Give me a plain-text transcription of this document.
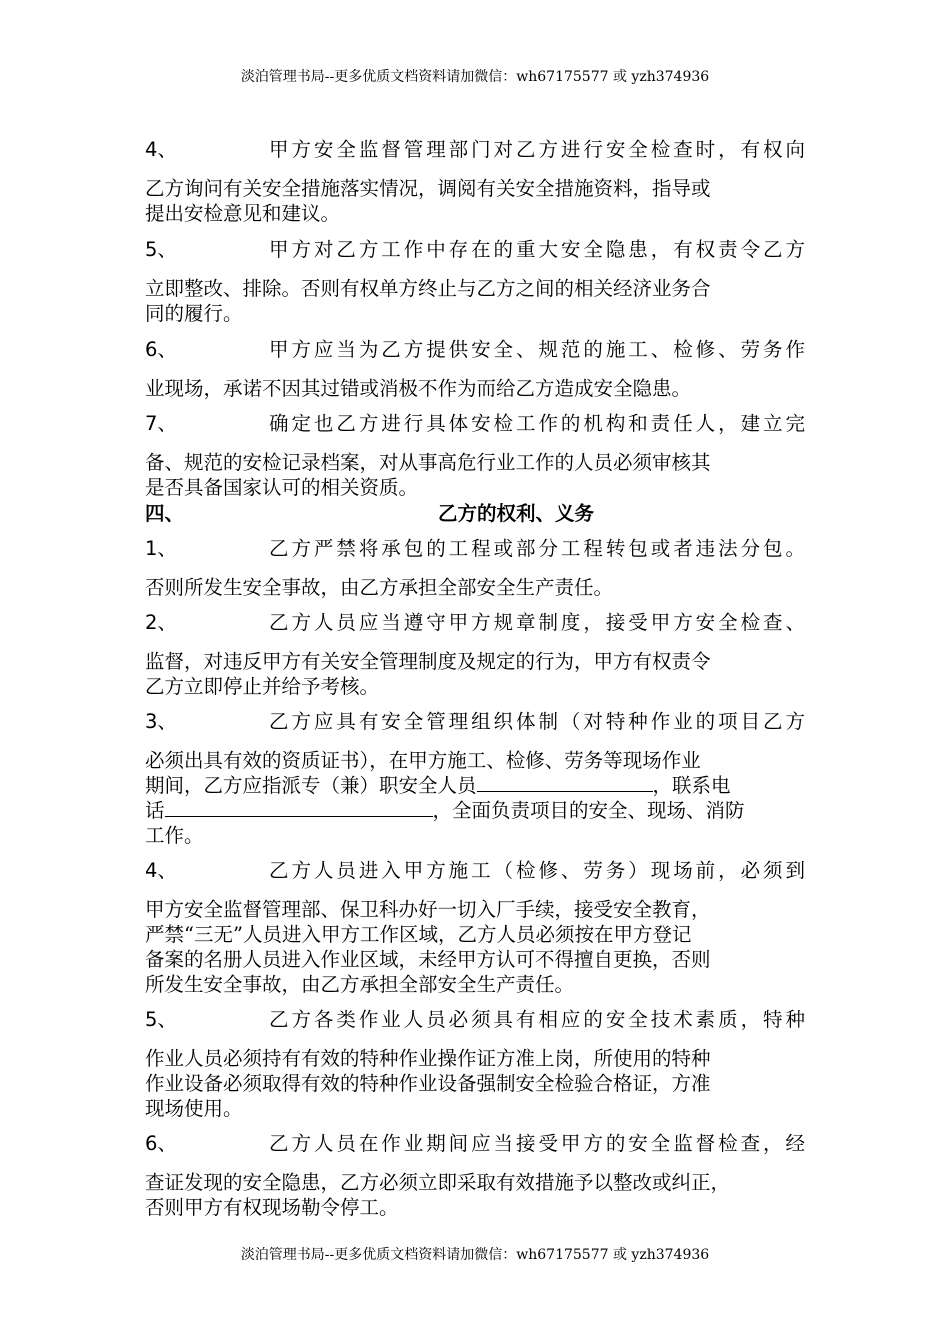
淡泊管理书局--更多优质文档资料请加微信：wh67175577 或 yzh374936
4、	甲方安全监督管理部门对乙方进行安全检查时，有权向
乙方询问有关安全措施落实情况，调阅有关安全措施资料，指导或
提出安检意见和建议。
5、	甲方对乙方工作中存在的重大安全隐患，有权责令乙方
立即整改、排除。否则有权单方终止与乙方之间的相关经济业务合
同的履行。
6、	甲方应当为乙方提供安全、规范的施工、检修、劳务作
业现场，承诺不因其过错或消极不作为而给乙方造成安全隐患。
7、	确定也乙方进行具体安检工作的机构和责任人，建立完
备、规范的安检记录档案，对从事高危行业工作的人员必须审核其
是否具备国家认可的相关资质。
四、	乙方的权利、义务
1、	乙方严禁将承包的工程或部分工程转包或者违法分包。
否则所发生安全事故，由乙方承担全部安全生产责任。
2、	乙方人员应当遵守甲方规章制度，接受甲方安全检查、
监督，对违反甲方有关安全管理制度及规定的行为，甲方有权责令
乙方立即停止并给予考核。
3、	乙方应具有安全管理组织体制（对特种作业的项目乙方
必须出具有效的资质证书），在甲方施工、检修、劳务等现场作业
期间，乙方应指派专（兼）职安全人员	，联系电
话	，全面负责项目的安全、现场、消防
工作。
4、	乙方人员进入甲方施工（检修、劳务）现场前，必须到
甲方安全监督管理部、保卫科办好一切入厂手续，接受安全教育，
严禁“三无”人员进入甲方工作区域，乙方人员必须按在甲方登记
备案的名册人员进入作业区域，未经甲方认可不得擅自更换，否则
所发生安全事故，由乙方承担全部安全生产责任。
5、	乙方各类作业人员必须具有相应的安全技术素质，特种
作业人员必须持有有效的特种作业操作证方准上岗，所使用的特种
作业设备必须取得有效的特种作业设备强制安全检验合格证，方准
现场使用。
6、	乙方人员在作业期间应当接受甲方的安全监督检查，经
查证发现的安全隐患，乙方必须立即采取有效措施予以整改或纠正，
否则甲方有权现场勒令停工。
淡泊管理书局--更多优质文档资料请加微信：wh67175577 或 yzh374936
